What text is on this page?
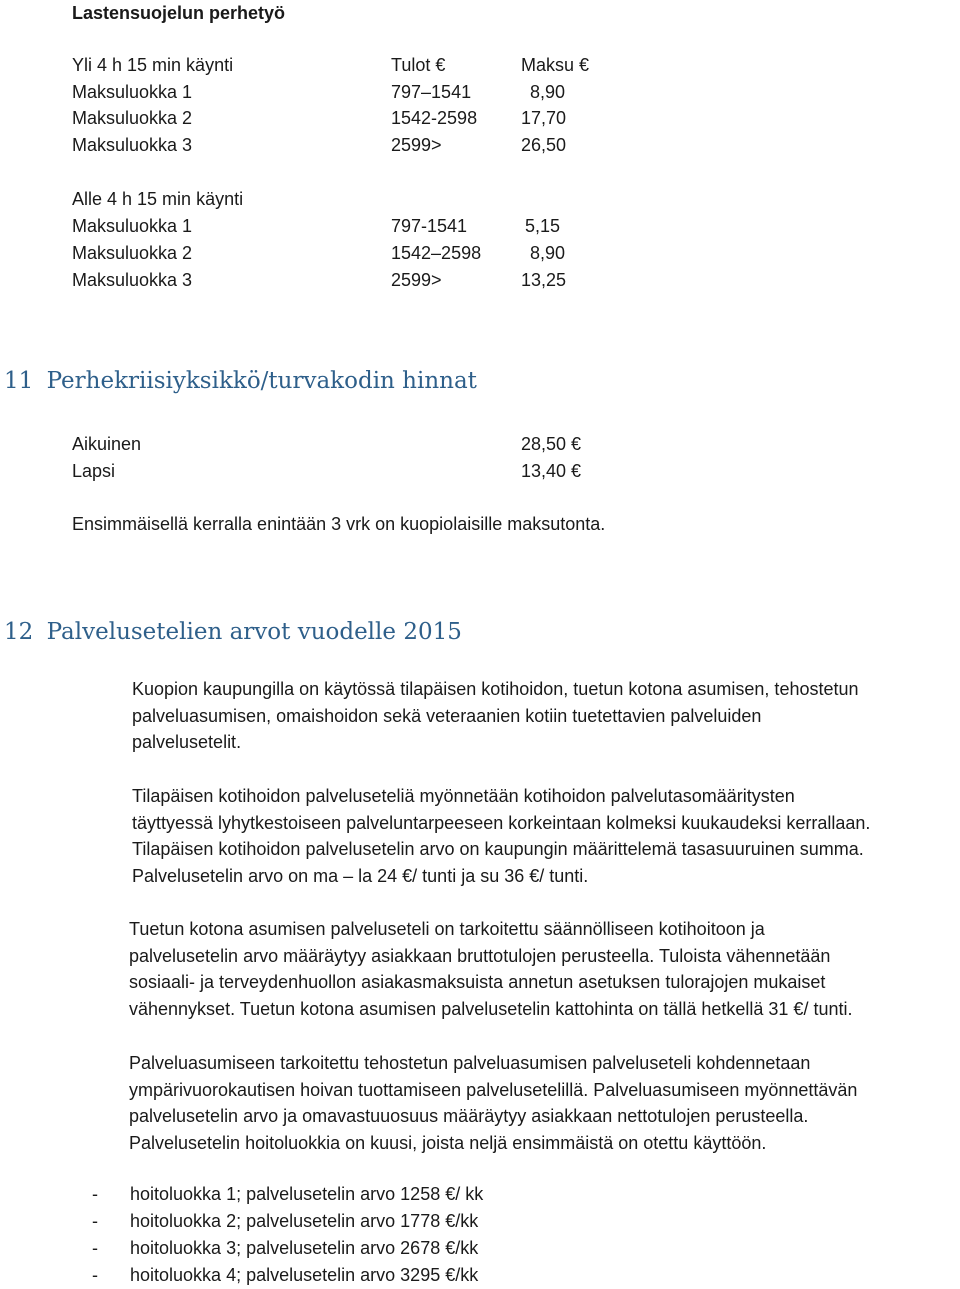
Lastensuojelun perhetyö
Yli 4 h 15 min käynti	Tulot €	Maksu €
Maksuluokka 1	797–1541	8,90
Maksuluokka 2	1542-2598 17,70
Maksuluokka 3	2599>	26,50
Alle 4 h 15 min käynti
Maksuluokka 1	797-1541	5,15
Maksuluokka 2	1542–2598	8,90
Maksuluokka 3	2599>	13,25
11 Perhekriisiyksikkö/turvakodin hinnat
Aikuinen	28,50 €
Lapsi	13,40 €
Ensimmäisellä kerralla enintään 3 vrk on kuopiolaisille maksutonta.
12 Palvelusetelien arvot vuodelle 2015

Kuopion kaupungilla on käytössä tilapäisen kotihoidon, tuetun kotona asumisen, tehostetun

palveluasumisen, omaishoidon sekä veteraanien kotiin tuetettavien palveluiden

palvelusetelit.

Tilapäisen kotihoidon palveluseteliä myönnetään kotihoidon palvelutasomääritysten

täyttyessä lyhytkestoiseen palveluntarpeeseen korkeintaan kolmeksi kuukaudeksi kerrallaan.

Tilapäisen kotihoidon palvelusetelin arvo on kaupungin määrittelemä tasasuuruinen summa.

Palvelusetelin arvo on ma – la 24 €/ tunti ja su 36 €/ tunti.

Tuetun kotona asumisen palveluseteli on tarkoitettu säännölliseen kotihoitoon ja

palvelusetelin arvo määräytyy asiakkaan bruttotulojen perusteella. Tuloista vähennetään

sosiaali- ja terveydenhuollon asiakasmaksuista annetun asetuksen tulorajojen mukaiset

vähennykset. Tuetun kotona asumisen palvelusetelin kattohinta on tällä hetkellä 31 €/ tunti.

Palveluasumiseen tarkoitettu tehostetun palveluasumisen palveluseteli kohdennetaan

ympärivuorokautisen hoivan tuottamiseen palvelusetelillä. Palveluasumiseen myönnettävän

palvelusetelin arvo ja omavastuuosuus määräytyy asiakkaan nettotulojen perusteella.

Palvelusetelin hoitoluokkia on kuusi, joista neljä ensimmäistä on otettu käyttöön.

- hoitoluokka 1; palvelusetelin arvo 1258 €/ kk
- hoitoluokka 2; palvelusetelin arvo 1778 €/kk
- hoitoluokka 3; palvelusetelin arvo 2678 €/kk
- hoitoluokka 4; palvelusetelin arvo 3295 €/kk
